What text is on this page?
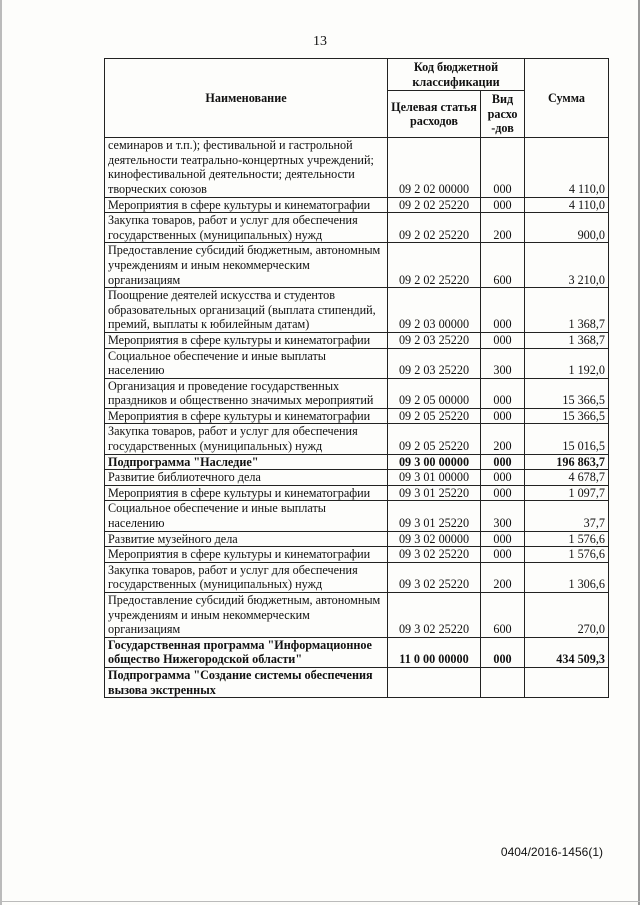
13
Наименование	Код бюджетной классификации		Сумма
	Целевая статья расходов	Вид расхо -дов	
семинаров и т.п.); фестивальной и гастрольной деятельности театрально-концертных учреждений; кинофестивальной деятельности; деятельности творческих союзов	09 2 02 00000	000	4 110,0
Мероприятия в сфере культуры и кинематографии	09 2 02 25220	000	4 110,0
Закупка товаров, работ и услуг для обеспечения государственных (муниципальных) нужд	09 2 02 25220	200	900,0
Предоставление субсидий бюджетным, автономным учреждениям и иным некоммерческим организациям	09 2 02 25220	600	3 210,0
Поощрение деятелей искусства и студентов образовательных организаций (выплата стипендий, премий, выплаты к юбилейным датам)	09 2 03 00000	000	1 368,7
Мероприятия в сфере культуры и кинематографии	09 2 03 25220	000	1 368,7
Социальное обеспечение и иные выплаты населению	09 2 03 25220	300	1 192,0
Организация и проведение государственных праздников и общественно значимых мероприятий	09 2 05 00000	000	15 366,5
Мероприятия в сфере культуры и кинематографии	09 2 05 25220	000	15 366,5
Закупка товаров, работ и услуг для обеспечения государственных (муниципальных) нужд	09 2 05 25220	200	15 016,5
Подпрограмма "Наследие"	09 3 00 00000	000	196 863,7
Развитие библиотечного дела	09 3 01 00000	000	4 678,7
Мероприятия в сфере культуры и кинематографии	09 3 01 25220	000	1 097,7
Социальное обеспечение и иные выплаты населению	09 3 01 25220	300	37,7
Развитие музейного дела	09 3 02 00000	000	1 576,6
Мероприятия в сфере культуры и кинематографии	09 3 02 25220	000	1 576,6
Закупка товаров, работ и услуг для обеспечения государственных (муниципальных) нужд	09 3 02 25220	200	1 306,6
Предоставление субсидий бюджетным, автономным учреждениям и иным некоммерческим организациям	09 3 02 25220	600	270,0
Государственная программа "Информационное общество Нижегородской области"	11 0 00 00000	000	434 509,3
Подпрограмма "Создание системы обеспечения вызова экстренных			
0404/2016-1456(1)
